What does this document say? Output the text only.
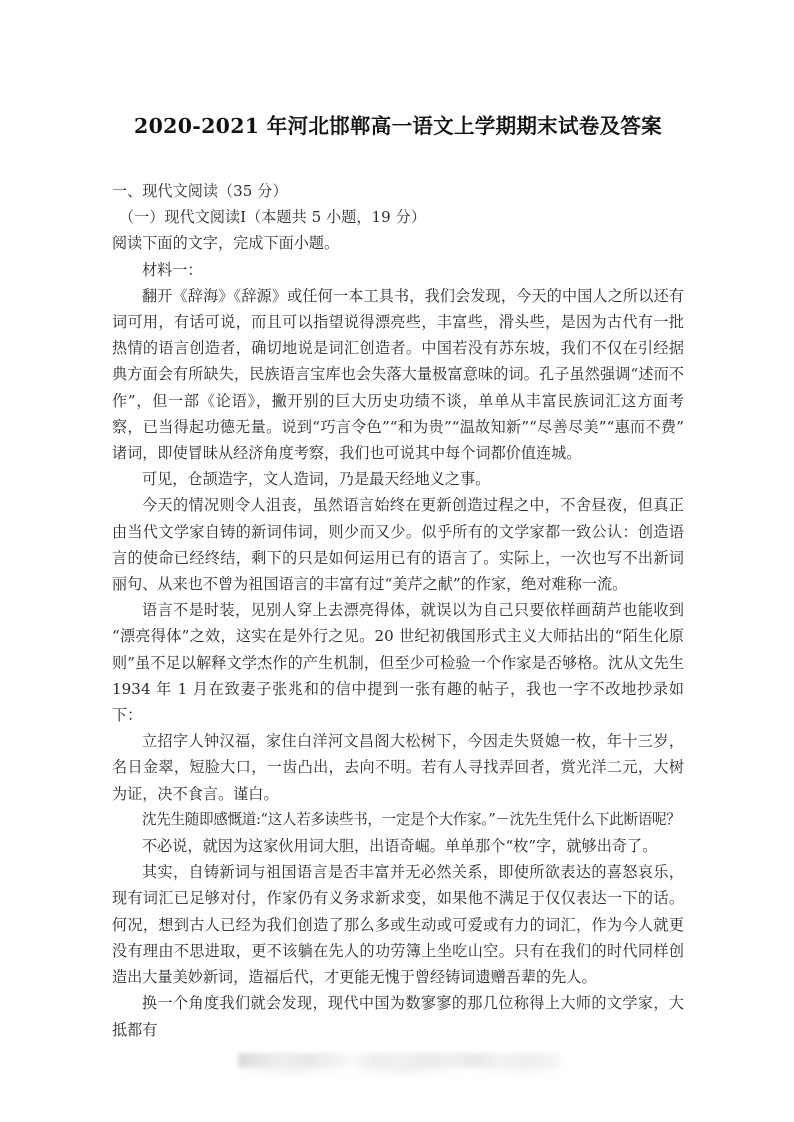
2020-2021 年河北邯郸高一语文上学期期末试卷及答案

一、现代文阅读（35 分）

（一）现代文阅读Ⅰ（本题共 5 小题，19 分）

阅读下面的文字，完成下面小题。

材料一：

翻开《辞海》《辞源》或任何一本工具书，我们会发现，今天的中国人之所以还有词可用，有话可说，而且可以指望说得漂亮些，丰富些，滑头些，是因为古代有一批热情的语言创造者，确切地说是词汇创造者。中国若没有苏东坡，我们不仅在引经据典方面会有所缺失，民族语言宝库也会失落大量极富意味的词。孔子虽然强调“述而不作”，但一部《论语》，撇开别的巨大历史功绩不谈，单单从丰富民族词汇这方面考察，已当得起功德无量。说到“巧言令色”“和为贵”“温故知新”“尽善尽美”“惠而不费”诸词，即使冒昧从经济角度考察，我们也可说其中每个词都价值连城。

可见，仓颉造字，文人造词，乃是最天经地义之事。

今天的情况则令人沮丧，虽然语言始终在更新创造过程之中，不舍昼夜，但真正由当代文学家自铸的新词伟词，则少而又少。似乎所有的文学家都一致公认：创造语言的使命已经终结，剩下的只是如何运用已有的语言了。实际上，一次也写不出新词丽句、从来也不曾为祖国语言的丰富有过“美芹之献”的作家，绝对难称一流。

语言不是时装，见别人穿上去漂亮得体，就误以为自己只要依样画葫芦也能收到“漂亮得体”之效，这实在是外行之见。20 世纪初俄国形式主义大师拈出的“陌生化原则”虽不足以解释文学杰作的产生机制，但至少可检验一个作家是否够格。沈从文先生 1934 年 1 月在致妻子张兆和的信中提到一张有趣的帖子，我也一字不改地抄录如下：

立招字人钟汉福，家住白洋河文昌阁大松树下，今因走失贤媳一枚，年十三岁，名日金翠，短脸大口，一齿凸出，去向不明。若有人寻找弄回者，赏光洋二元，大树为证，决不食言。谨白。

沈先生随即感慨道:“这人若多读些书，一定是个大作家。”－沈先生凭什么下此断语呢？

不必说，就因为这家伙用词大胆，出语奇崛。单单那个“枚”字，就够出奇了。

其实，自铸新词与祖国语言是否丰富并无必然关系，即使所欲表达的喜怒哀乐，现有词汇已足够对付，作家仍有义务求新求变，如果他不满足于仅仅表达一下的话。何况，想到古人已经为我们创造了那么多或生动或可爱或有力的词汇，作为今人就更没有理由不思进取，更不该躺在先人的功劳簿上坐吃山空。只有在我们的时代同样创造出大量美妙新词，造福后代，才更能无愧于曾经铸词遗赠吾辈的先人。

换一个角度我们就会发现，现代中国为数寥寥的那几位称得上大师的文学家，大抵都有
